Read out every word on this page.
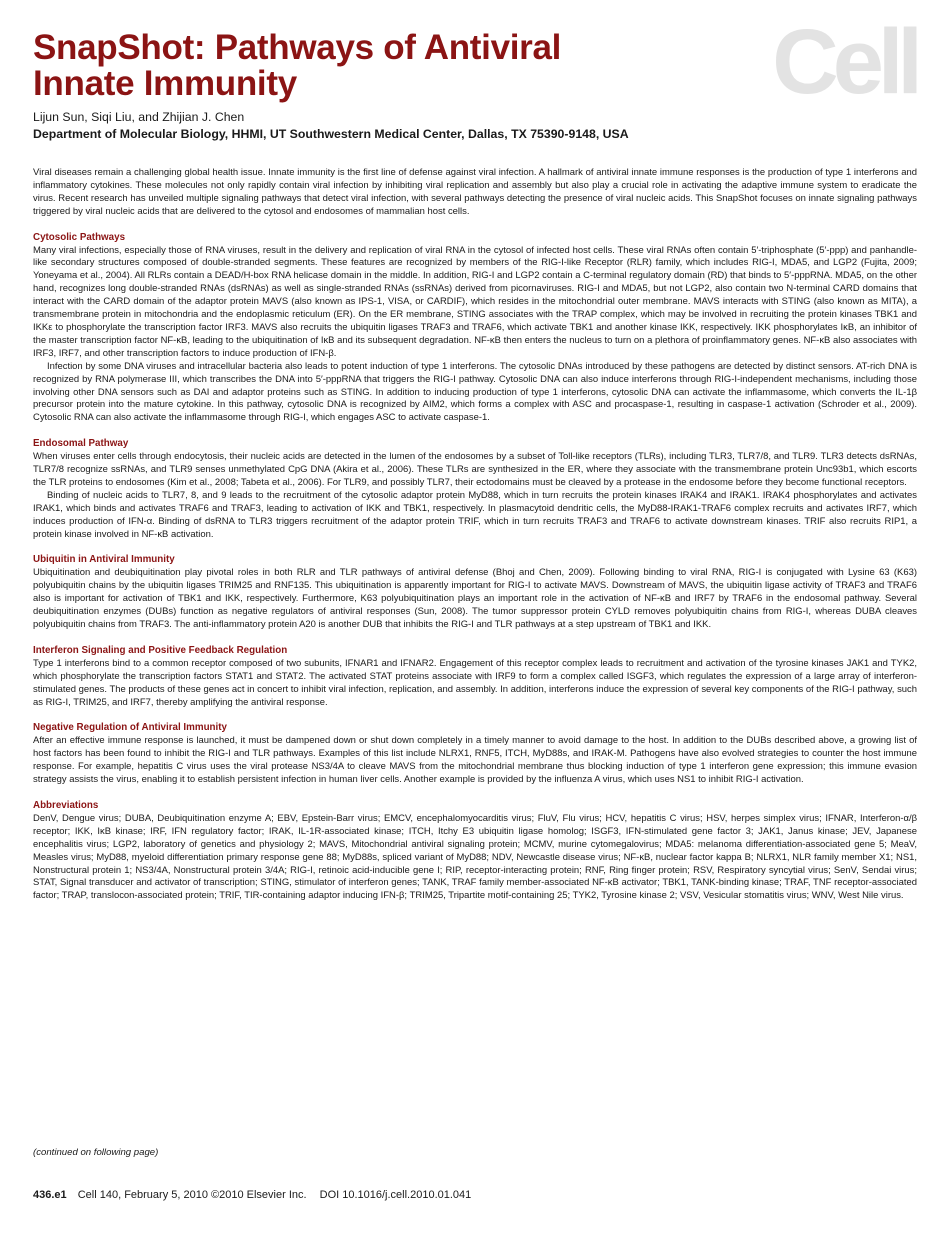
SnapShot: Pathways of Antiviral
Innate Immunity	Cell
Lijun Sun, Siqi Liu, and Zhijian J. Chen
Department of Molecular Biology, HHMI, UT Southwestern Medical Center, Dallas, TX 75390-9148, USA

Viral diseases remain a challenging global health issue. Innate immunity is the first line of defense against viral infection. A hallmark of antiviral innate immune responses is the production of type 1 interferons and inflammatory cytokines. These molecules not only rapidly contain viral infection by inhibiting viral replication and assembly but also play a crucial role in activating the adaptive immune system to eradicate the virus. Recent research has unveiled multiple signaling pathways that detect viral infection, with several pathways detecting the presence of viral nucleic acids. This SnapShot focuses on innate signaling pathways triggered by viral nucleic acids that are delivered to the cytosol and endosomes of mammalian host cells.

Cytosolic Pathways

Many viral infections, especially those of RNA viruses, result in the delivery and replication of viral RNA in the cytosol of infected host cells. These viral RNAs often contain 5′-triphosphate (5′-ppp) and panhandle-like secondary structures composed of double-stranded segments. These features are recognized by members of the RIG-I-like Receptor (RLR) family, which includes RIG-I, MDA5, and LGP2 (Fujita, 2009; Yoneyama et al., 2004). All RLRs contain a DEAD/H-box RNA helicase domain in the middle. In addition, RIG-I and LGP2 contain a C-terminal regulatory domain (RD) that binds to 5′-pppRNA. MDA5, on the other hand, recognizes long double-stranded RNAs (dsRNAs) as well as single-stranded RNAs (ssRNAs) derived from picornaviruses. RIG-I and MDA5, but not LGP2, also contain two N-terminal CARD domains that interact with the CARD domain of the adaptor protein MAVS (also known as IPS-1, VISA, or CARDIF), which resides in the mitochondrial outer membrane. MAVS interacts with STING (also known as MITA), a transmembrane protein in mitochondria and the endoplasmic reticulum (ER). On the ER membrane, STING associates with the TRAP complex, which may be involved in recruiting the protein kinases TBK1 and IKKε to phosphorylate the transcription factor IRF3. MAVS also recruits the ubiquitin ligases TRAF3 and TRAF6, which activate TBK1 and another kinase IKK, respectively. IKK phosphorylates IκB, an inhibitor of the master transcription factor NF-κB, leading to the ubiquitination of IκB and its subsequent degradation. NF-κB then enters the nucleus to turn on a plethora of proinflammatory genes. NF-κB also associates with IRF3, IRF7, and other transcription factors to induce production of IFN-β.

Infection by some DNA viruses and intracellular bacteria also leads to potent induction of type 1 interferons. The cytosolic DNAs introduced by these pathogens are detected by distinct sensors. AT-rich DNA is recognized by RNA polymerase III, which transcribes the DNA into 5′-pppRNA that triggers the RIG-I pathway. Cytosolic DNA can also induce interferons through RIG-I-independent mechanisms, including those involving other DNA sensors such as DAI and adaptor proteins such as STING. In addition to inducing production of type 1 interferons, cytosolic DNA can activate the inflammasome, which converts the IL-1β precursor protein into the mature cytokine. In this pathway, cytosolic DNA is recognized by AIM2, which forms a complex with ASC and procaspase-1, resulting in caspase-1 activation (Schroder et al., 2009). Cytosolic RNA can also activate the inflammasome through RIG-I, which engages ASC to activate caspase-1.

Endosomal Pathway

When viruses enter cells through endocytosis, their nucleic acids are detected in the lumen of the endosomes by a subset of Toll-like receptors (TLRs), including TLR3, TLR7/8, and TLR9. TLR3 detects dsRNAs, TLR7/8 recognize ssRNAs, and TLR9 senses unmethylated CpG DNA (Akira et al., 2006). These TLRs are synthesized in the ER, where they associate with the transmembrane protein Unc93b1, which escorts the TLR proteins to endosomes (Kim et al., 2008; Tabeta et al., 2006). For TLR9, and possibly TLR7, their ectodomains must be cleaved by a protease in the endosome before they become functional receptors.

Binding of nucleic acids to TLR7, 8, and 9 leads to the recruitment of the cytosolic adaptor protein MyD88, which in turn recruits the protein kinases IRAK4 and IRAK1. IRAK4 phosphorylates and activates IRAK1, which binds and activates TRAF6 and TRAF3, leading to activation of IKK and TBK1, respectively. In plasmacytoid dendritic cells, the MyD88-IRAK1-TRAF6 complex recruits and activates IRF7, which induces production of IFN-α. Binding of dsRNA to TLR3 triggers recruitment of the adaptor protein TRIF, which in turn recruits TRAF3 and TRAF6 to activate downstream kinases. TRIF also recruits RIP1, a protein kinase involved in NF-κB activation.

Ubiquitin in Antiviral Immunity

Ubiquitination and deubiquitination play pivotal roles in both RLR and TLR pathways of antiviral defense (Bhoj and Chen, 2009). Following binding to viral RNA, RIG-I is conjugated with Lysine 63 (K63) polyubiquitin chains by the ubiquitin ligases TRIM25 and RNF135. This ubiquitination is apparently important for RIG-I to activate MAVS. Downstream of MAVS, the ubiquitin ligase activity of TRAF3 and TRAF6 also is important for activation of TBK1 and IKK, respectively. Furthermore, K63 polyubiquitination plays an important role in the activation of NF-κB and IRF7 by TRAF6 in the endosomal pathway. Several deubiquitination enzymes (DUBs) function as negative regulators of antiviral responses (Sun, 2008). The tumor suppressor protein CYLD removes polyubiquitin chains from RIG-I, whereas DUBA cleaves polyubiquitin chains from TRAF3. The anti-inflammatory protein A20 is another DUB that inhibits the RIG-I and TLR pathways at a step upstream of TBK1 and IKK.

Interferon Signaling and Positive Feedback Regulation

Type 1 interferons bind to a common receptor composed of two subunits, IFNAR1 and IFNAR2. Engagement of this receptor complex leads to recruitment and activation of the tyrosine kinases JAK1 and TYK2, which phosphorylate the transcription factors STAT1 and STAT2. The activated STAT proteins associate with IRF9 to form a complex called ISGF3, which regulates the expression of a large array of interferon-stimulated genes. The products of these genes act in concert to inhibit viral infection, replication, and assembly. In addition, interferons induce the expression of several key components of the RIG-I pathway, such as RIG-I, TRIM25, and IRF7, thereby amplifying the antiviral response.

Negative Regulation of Antiviral Immunity

After an effective immune response is launched, it must be dampened down or shut down completely in a timely manner to avoid damage to the host. In addition to the DUBs described above, a growing list of host factors has been found to inhibit the RIG-I and TLR pathways. Examples of this list include NLRX1, RNF5, ITCH, MyD88s, and IRAK-M. Pathogens have also evolved strategies to counter the host immune response. For example, hepatitis C virus uses the viral protease NS3/4A to cleave MAVS from the mitochondrial membrane thus blocking induction of type 1 interferon gene expression; this immune evasion strategy assists the virus, enabling it to establish persistent infection in human liver cells. Another example is provided by the influenza A virus, which uses NS1 to inhibit RIG-I activation.

Abbreviations

DenV, Dengue virus; DUBA, Deubiquitination enzyme A; EBV, Epstein-Barr virus; EMCV, encephalomyocarditis virus; FluV, Flu virus; HCV, hepatitis C virus; HSV, herpes simplex virus; IFNAR, Interferon-α/β receptor; IKK, IκB kinase; IRF, IFN regulatory factor; IRAK, IL-1R-associated kinase; ITCH, Itchy E3 ubiquitin ligase homolog; ISGF3, IFN-stimulated gene factor 3; JAK1, Janus kinase; JEV, Japanese encephalitis virus; LGP2, laboratory of genetics and physiology 2; MAVS, Mitochondrial antiviral signaling protein; MCMV, murine cytomegalovirus; MDA5: melanoma differentiation-associated gene 5; MeaV, Measles virus; MyD88, myeloid differentiation primary response gene 88; MyD88s, spliced variant of MyD88; NDV, Newcastle disease virus; NF-κB, nuclear factor kappa B; NLRX1, NLR family member X1; NS1, Nonstructural protein 1; NS3/4A, Nonstructural protein 3/4A; RIG-I, retinoic acid-inducible gene I; RIP, receptor-interacting protein; RNF, Ring finger protein; RSV, Respiratory syncytial virus; SenV, Sendai virus; STAT, Signal transducer and activator of transcription; STING, stimulator of interferon genes; TANK, TRAF family member-associated NF-κB activator; TBK1, TANK-binding kinase; TRAF, TNF receptor-associated factor; TRAP, translocon-associated protein; TRIF, TIR-containing adaptor inducing IFN-β; TRIM25, Tripartite motif-containing 25; TYK2, Tyrosine kinase 2; VSV, Vesicular stomatitis virus; WNV, West Nile virus.

(continued on following page)
436.e1 Cell 140, February 5, 2010 ©2010 Elsevier Inc. DOI 10.1016/j.cell.2010.01.041
